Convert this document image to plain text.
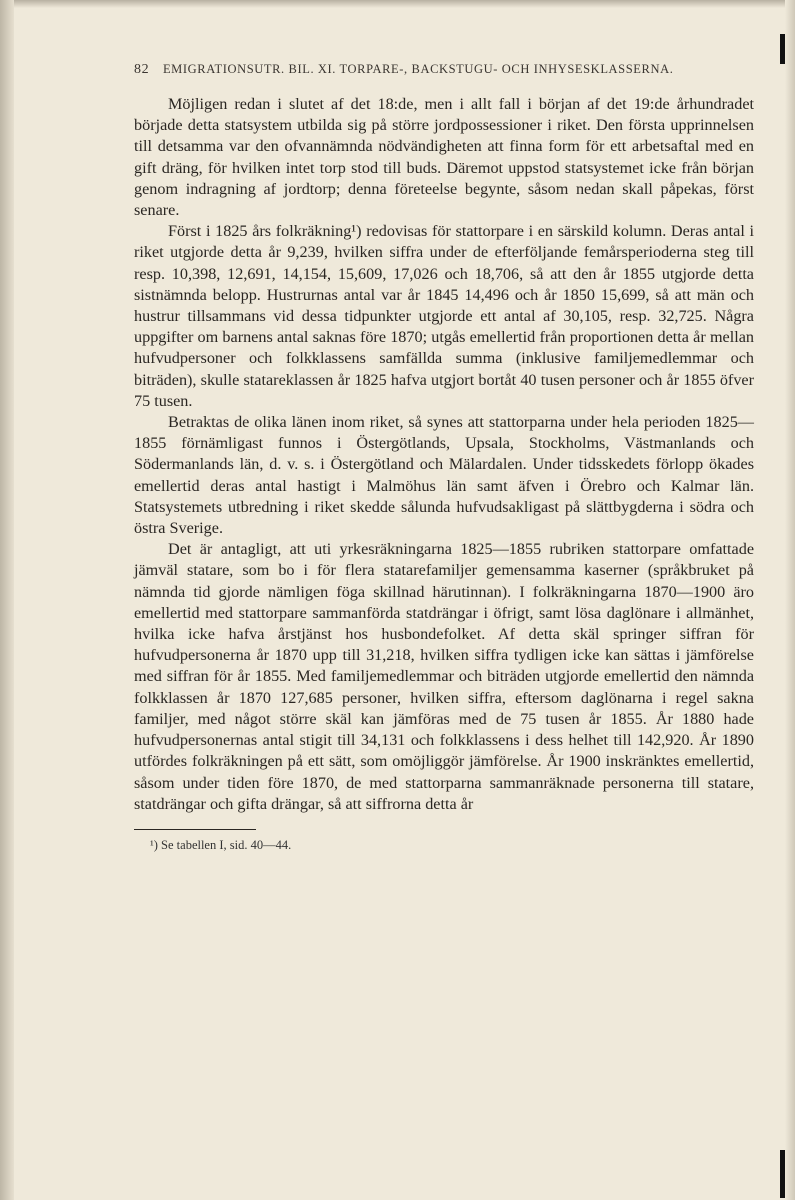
82 EMIGRATIONSUTR. BIL. XI. TORPARE-, BACKSTUGU- OCH INHYSESKLASSERNA.

Möjligen redan i slutet af det 18:de, men i allt fall i början af det 19:de århundradet började detta statsystem utbilda sig på större jordpossessioner i riket. Den första upprinnelsen till detsamma var den ofvannämnda nödvändigheten att finna form för ett arbetsaftal med en gift dräng, för hvilken intet torp stod till buds. Däremot uppstod statsystemet icke från början genom indragning af jordtorp; denna företeelse begynte, såsom nedan skall påpekas, först senare.

Först i 1825 års folkräkning¹) redovisas för stattorpare i en särskild kolumn. Deras antal i riket utgjorde detta år 9,239, hvilken siffra under de efterföljande femårsperioderna steg till resp. 10,398, 12,691, 14,154, 15,609, 17,026 och 18,706, så att den år 1855 utgjorde detta sistnämnda belopp. Hustrurnas antal var år 1845 14,496 och år 1850 15,699, så att män och hustrur tillsammans vid dessa tidpunkter utgjorde ett antal af 30,105, resp. 32,725. Några uppgifter om barnens antal saknas före 1870; utgås emellertid från proportionen detta år mellan hufvudpersoner och folkklassens samfällda summa (inklusive familjemedlemmar och biträden), skulle statareklassen år 1825 hafva utgjort bortåt 40 tusen personer och år 1855 öfver 75 tusen.

Betraktas de olika länen inom riket, så synes att stattorparna under hela perioden 1825—1855 förnämligast funnos i Östergötlands, Upsala, Stockholms, Västmanlands och Södermanlands län, d. v. s. i Östergötland och Mälardalen. Under tidsskedets förlopp ökades emellertid deras antal hastigt i Malmöhus län samt äfven i Örebro och Kalmar län. Statsystemets utbredning i riket skedde sålunda hufvudsakligast på slättbygderna i södra och östra Sverige.

Det är antagligt, att uti yrkesräkningarna 1825—1855 rubriken stattorpare omfattade jämväl statare, som bo i för flera statarefamiljer gemensamma kaserner (språkbruket på nämnda tid gjorde nämligen föga skillnad härutinnan). I folkräkningarna 1870—1900 äro emellertid med stattorpare sammanförda statdrängar i öfrigt, samt lösa daglönare i allmänhet, hvilka icke hafva årstjänst hos husbondefolket. Af detta skäl springer siffran för hufvudpersonerna år 1870 upp till 31,218, hvilken siffra tydligen icke kan sättas i jämförelse med siffran för år 1855. Med familjemedlemmar och biträden utgjorde emellertid den nämnda folkklassen år 1870 127,685 personer, hvilken siffra, eftersom daglönarna i regel sakna familjer, med något större skäl kan jämföras med de 75 tusen år 1855. År 1880 hade hufvudpersonernas antal stigit till 34,131 och folkklassens i dess helhet till 142,920. År 1890 utfördes folkräkningen på ett sätt, som omöjliggör jämförelse. År 1900 inskränktes emellertid, såsom under tiden före 1870, de med stattorparna sammanräknade personerna till statare, statdrängar och gifta drängar, så att siffrorna detta år

¹) Se tabellen I, sid. 40—44.
